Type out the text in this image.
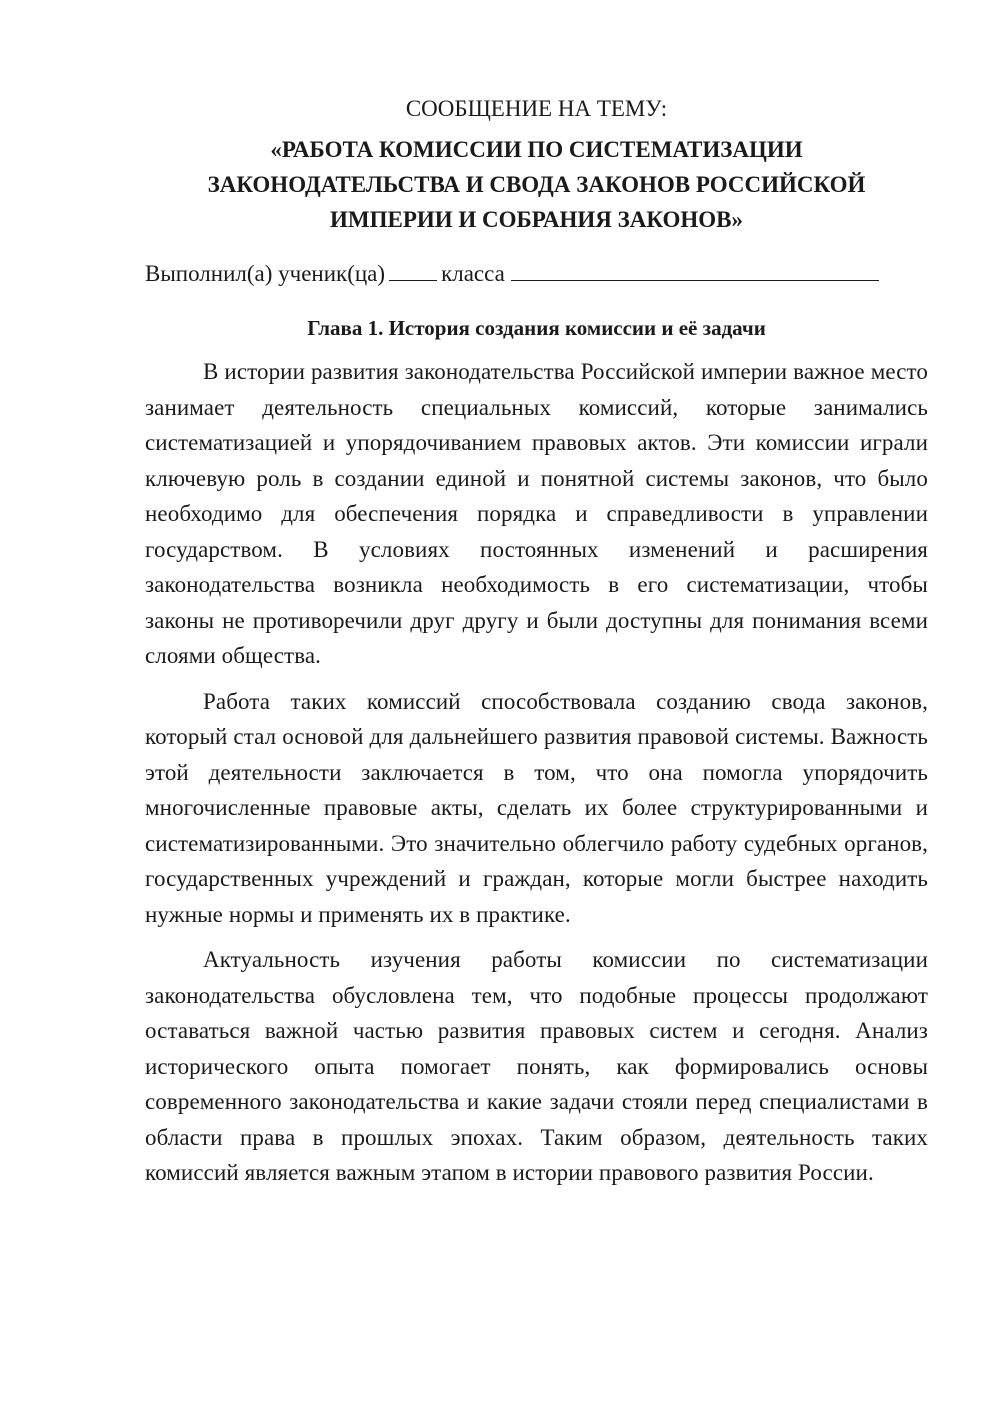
СООБЩЕНИЕ НА ТЕМУ:
«РАБОТА КОМИССИИ ПО СИСТЕМАТИЗАЦИИ ЗАКОНОДАТЕЛЬСТВА И СВОДА ЗАКОНОВ РОССИЙСКОЙ ИМПЕРИИ И СОБРАНИЯ ЗАКОНОВ»
Выполнил(а) ученик(ца) класса
Глава 1. История создания комиссии и её задачи

В истории развития законодательства Российской империи важное место занимает деятельность специальных комиссий, которые занимались систематизацией и упорядочиванием правовых актов. Эти комиссии играли ключевую роль в создании единой и понятной системы законов, что было необходимо для обеспечения порядка и справедливости в управлении государством. В условиях постоянных изменений и расширения законодательства возникла необходимость в его систематизации, чтобы законы не противоречили друг другу и были доступны для понимания всеми слоями общества.

Работа таких комиссий способствовала созданию свода законов, который стал основой для дальнейшего развития правовой системы. Важность этой деятельности заключается в том, что она помогла упорядочить многочисленные правовые акты, сделать их более структурированными и систематизированными. Это значительно облегчило работу судебных органов, государственных учреждений и граждан, которые могли быстрее находить нужные нормы и применять их в практике.

Актуальность изучения работы комиссии по систематизации законодательства обусловлена тем, что подобные процессы продолжают оставаться важной частью развития правовых систем и сегодня. Анализ исторического опыта помогает понять, как формировались основы современного законодательства и какие задачи стояли перед специалистами в области права в прошлых эпохах. Таким образом, деятельность таких комиссий является важным этапом в истории правового развития России.
